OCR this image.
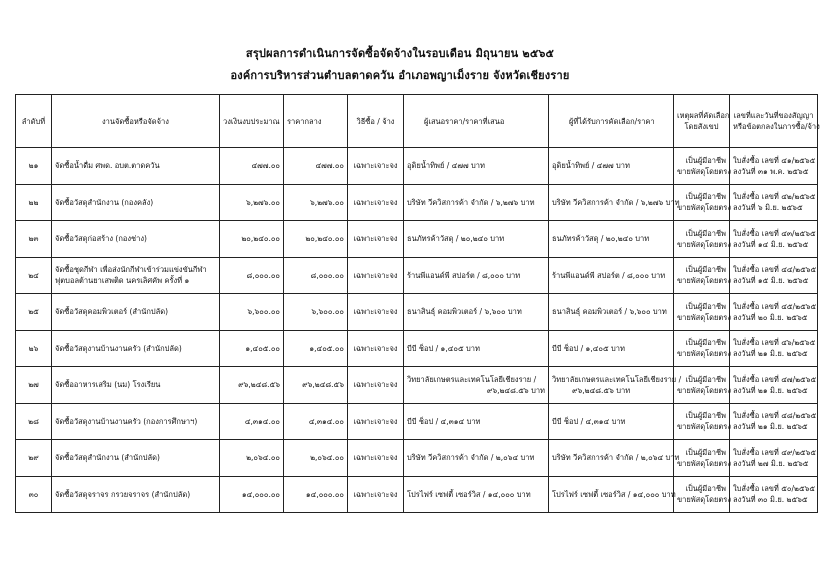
สรุปผลการดำเนินการจัดซื้อจัดจ้างในรอบเดือน มิถุนายน ๒๕๖๕
องค์การบริหารส่วนตำบลตาดควัน อำเภอพญาเม็งราย จังหวัดเชียงราย
ลำดับที่	งานจัดซื้อหรือจัดจ้าง	วงเงินงบประมาณ	ราคากลาง	วิธีซื้อ / จ้าง	ผู้เสนอราคา/ราคาที่เสนอ	ผู้ที่ได้รับการคัดเลือก/ราคา	เหตุผลที่คัดเลือก
โดยสังเขป	เลขที่และวันที่ของสัญญา
หรือข้อตกลงในการซื้อ/จ้าง

๒๑	จัดซื้อน้ำดื่ม ศพด. อบต.ตาดควัน	๔๗๗.๐๐	๔๗๗.๐๐	เฉพาะเจาะจง	อุดิยน้ำทิพย์ / ๔๗๗ บาท	อุดิยน้ำทิพย์ / ๔๗๗ บาท	เป็นผู้มีอาชีพ
ขายพัสดุโดยตรง	ใบสั่งซื้อ เลขที่ ๔๑/๒๕๖๕
ลงวันที่ ๓๑ พ.ค. ๒๕๖๕

๒๒	จัดซื้อวัสดุสำนักงาน (กองคลัง)	๖,๒๗๖.๐๐	๖,๒๗๖.๐๐	เฉพาะเจาะจง	บริษัท วีควิสการค้า จำกัด / ๖,๒๗๖ บาท	บริษัท วีควิสการค้า จำกัด / ๖,๒๗๖ บาท	เป็นผู้มีอาชีพ
ขายพัสดุโดยตรง	ใบสั่งซื้อ เลขที่ ๔๒/๒๕๖๕
ลงวันที่ ๖ มิ.ย. ๒๕๖๕

๒๓	จัดซื้อวัสดุก่อสร้าง (กองช่าง)	๒๐,๒๔๐.๐๐	๒๐,๒๔๐.๐๐	เฉพาะเจาะจง	ธนภัทรค้าวัสดุ / ๒๐,๒๔๐ บาท	ธนภัทรค้าวัสดุ / ๒๐,๒๔๐ บาท	เป็นผู้มีอาชีพ
ขายพัสดุโดยตรง	ใบสั่งซื้อ เลขที่ ๔๓/๒๕๖๕
ลงวันที่ ๑๔ มิ.ย. ๒๕๖๕

๒๔	จัดซื้อชุดกีฬา เพื่อส่งนักกีฬาเข้าร่วมแข่งขันกีฬา
ฟุตบอลต้านยาเสพติด นครเลิศคัพ ครั้งที่ ๑	๘,๐๐๐.๐๐	๘,๐๐๐.๐๐	เฉพาะเจาะจง	ร้านพีแอนด์พี สปอร์ต / ๘,๐๐๐ บาท	ร้านพีแอนด์พี สปอร์ต / ๘,๐๐๐ บาท	เป็นผู้มีอาชีพ
ขายพัสดุโดยตรง	ใบสั่งซื้อ เลขที่ ๔๔/๒๕๖๕
ลงวันที่ ๑๕ มิ.ย. ๒๕๖๕

๒๕	จัดซื้อวัสดุคอมพิวเตอร์ (สำนักปลัด)	๖,๖๐๐.๐๐	๖,๖๐๐.๐๐	เฉพาะเจาะจง	ธนาสินธุ์ คอมพิวเตอร์ / ๖,๖๐๐ บาท	ธนาสินธุ์ คอมพิวเตอร์ / ๖,๖๐๐ บาท	เป็นผู้มีอาชีพ
ขายพัสดุโดยตรง	ใบสั่งซื้อ เลขที่ ๔๕/๒๕๖๕
ลงวันที่ ๒๐ มิ.ย. ๒๕๖๕

๒๖	จัดซื้อวัสดุงานบ้านงานครัว (สำนักปลัด)	๑,๔๐๕.๐๐	๑,๔๐๕.๐๐	เฉพาะเจาะจง	บีบี ช็อป / ๑,๔๐๕ บาท	บีบี ช็อป / ๑,๔๐๕ บาท	เป็นผู้มีอาชีพ
ขายพัสดุโดยตรง	ใบสั่งซื้อ เลขที่ ๔๖/๒๕๖๕
ลงวันที่ ๒๑ มิ.ย. ๒๕๖๕

๒๗	จัดซื้ออาหารเสริม (นม) โรงเรียน	๙๖,๒๔๘.๕๖	๙๖,๒๔๘.๕๖	เฉพาะเจาะจง	วิทยาลัยเกษตรและเทคโนโลยีเชียงราย /
๙๖,๒๔๘.๕๖ บาท	วิทยาลัยเกษตรและเทคโนโลยีเชียงราย /
๙๖,๒๔๘.๕๖ บาท	เป็นผู้มีอาชีพ
ขายพัสดุโดยตรง	ใบสั่งซื้อ เลขที่ ๔๗/๒๕๖๕
ลงวันที่ ๒๑ มิ.ย. ๒๕๖๕

๒๘	จัดซื้อวัสดุงานบ้านงานครัว (กองการศึกษาฯ)	๔,๓๑๔.๐๐	๔,๓๑๔.๐๐	เฉพาะเจาะจง	บีบี ช็อป / ๔,๓๑๔ บาท	บีบี ช็อป / ๔,๓๑๔ บาท	เป็นผู้มีอาชีพ
ขายพัสดุโดยตรง	ใบสั่งซื้อ เลขที่ ๔๘/๒๕๖๕
ลงวันที่ ๒๑ มิ.ย. ๒๕๖๕

๒๙	จัดซื้อวัสดุสำนักงาน (สำนักปลัด)	๒,๐๖๔.๐๐	๒,๐๖๔.๐๐	เฉพาะเจาะจง	บริษัท วีควิสการค้า จำกัด / ๒,๐๖๔ บาท	บริษัท วีควิสการค้า จำกัด / ๒,๐๖๔ บาท	เป็นผู้มีอาชีพ
ขายพัสดุโดยตรง	ใบสั่งซื้อ เลขที่ ๔๙/๒๕๖๕
ลงวันที่ ๒๗ มิ.ย. ๒๕๖๕

๓๐	จัดซื้อวัสดุจราจร กรวยจราจร (สำนักปลัด)	๑๔,๐๐๐.๐๐	๑๔,๐๐๐.๐๐	เฉพาะเจาะจง	โปรไฟร์ เซฟตี้ เซอร์วิส / ๑๔,๐๐๐ บาท	โปรไฟร์ เซฟตี้ เซอร์วิส / ๑๔,๐๐๐ บาท	เป็นผู้มีอาชีพ
ขายพัสดุโดยตรง	ใบสั่งซื้อ เลขที่ ๕๐/๒๕๖๕
ลงวันที่ ๓๐ มิ.ย. ๒๕๖๕
